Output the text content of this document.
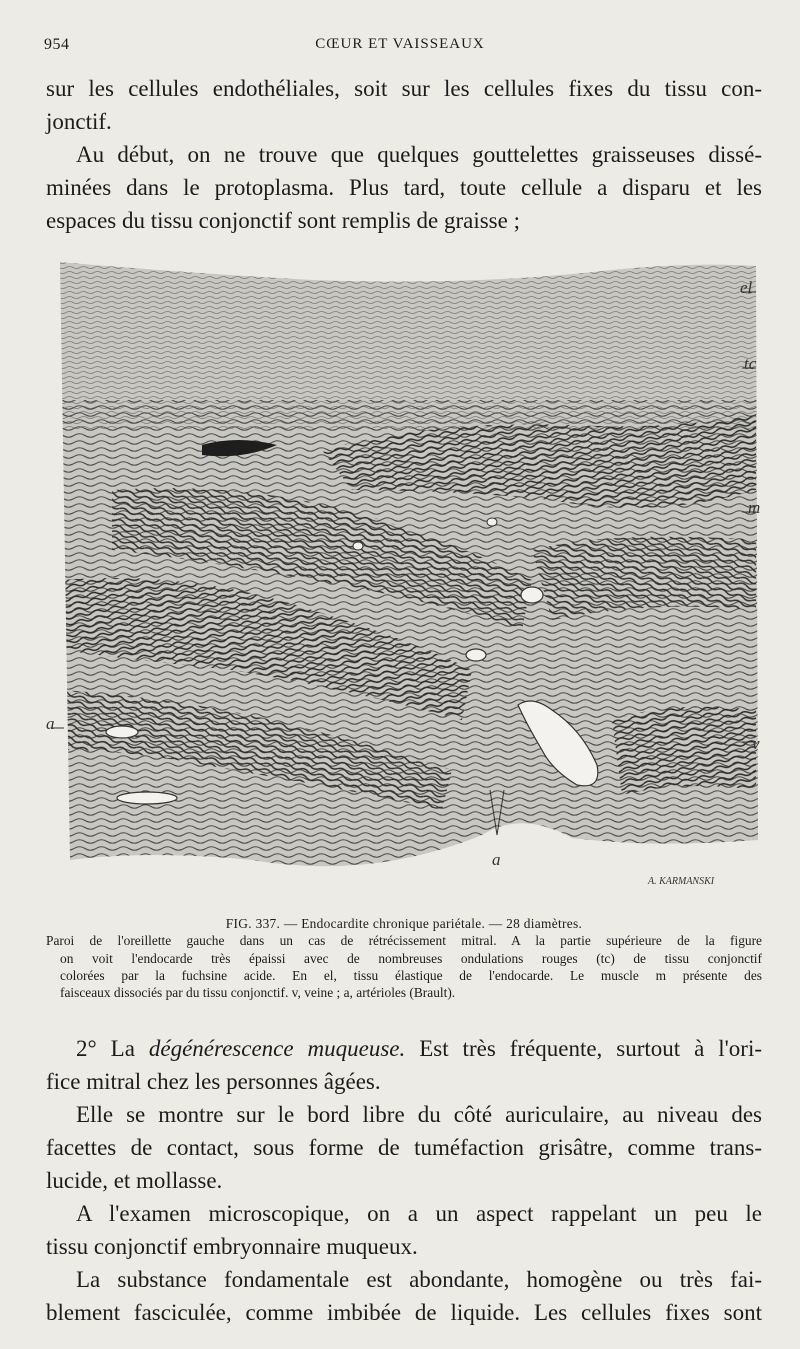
954	CŒUR ET VAISSEAUX

sur les cellules endothéliales, soit sur les cellules fixes du tissu con-
jonctif.

Au début, on ne trouve que quelques gouttelettes graisseuses dissé-
minées dans le protoplasma. Plus tard, toute cellule a disparu et les
espaces du tissu conjonctif sont remplis de graisse ;

el
tc
m
a
v
a
A. KARMANSKI
FIG. 337. — Endocardite chronique pariétale. — 28 diamètres.
Paroi de l'oreillette gauche dans un cas de rétrécissement mitral. A la partie supérieure de la figure
on voit l'endocarde très épaissi avec de nombreuses ondulations rouges (tc) de tissu conjonctif
colorées par la fuchsine acide. En el, tissu élastique de l'endocarde. Le muscle m présente des
faisceaux dissociés par du tissu conjonctif. v, veine ; a, artérioles (Brault).

2° La dégénérescence muqueuse. Est très fréquente, surtout à l'ori-
fice mitral chez les personnes âgées.

Elle se montre sur le bord libre du côté auriculaire, au niveau des
facettes de contact, sous forme de tuméfaction grisâtre, comme trans-
lucide, et mollasse.

A l'examen microscopique, on a un aspect rappelant un peu le
tissu conjonctif embryonnaire muqueux.

La substance fondamentale est abondante, homogène ou très fai-
blement fasciculée, comme imbibée de liquide. Les cellules fixes sont
